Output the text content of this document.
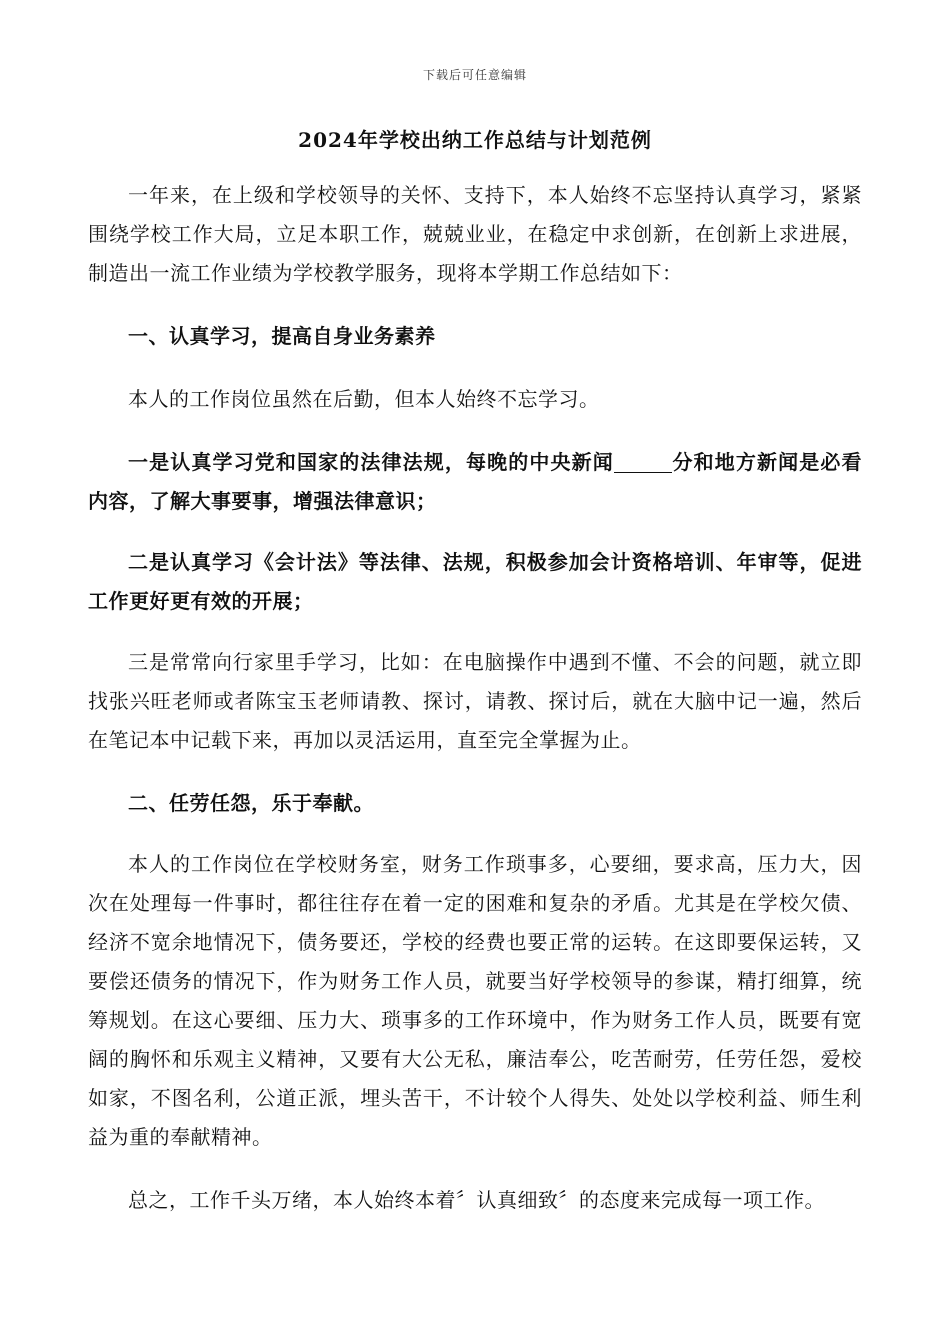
下载后可任意编辑
2024年学校出纳工作总结与计划范例

一年来，在上级和学校领导的关怀、支持下，本人始终不忘坚持认真学习，紧紧围绕学校工作大局，立足本职工作，兢兢业业，在稳定中求创新，在创新上求进展，制造出一流工作业绩为学校教学服务，现将本学期工作总结如下：

一、认真学习，提高自身业务素养

本人的工作岗位虽然在后勤，但本人始终不忘学习。

一是认真学习党和国家的法律法规，每晚的中央新闻	分和地方新闻是必看内容，了解大事要事，增强法律意识；

二是认真学习《会计法》等法律、法规，积极参加会计资格培训、年审等，促进工作更好更有效的开展；

三是常常向行家里手学习，比如：在电脑操作中遇到不懂、不会的问题，就立即找张兴旺老师或者陈宝玉老师请教、探讨，请教、探讨后，就在大脑中记一遍，然后在笔记本中记载下来，再加以灵活运用，直至完全掌握为止。

二、任劳任怨，乐于奉献。

本人的工作岗位在学校财务室，财务工作琐事多，心要细，要求高，压力大，因次在处理每一件事时，都往往存在着一定的困难和复杂的矛盾。尤其是在学校欠债、经济不宽余地情况下，债务要还，学校的经费也要正常的运转。在这即要保运转，又要偿还债务的情况下，作为财务工作人员，就要当好学校领导的参谋，精打细算，统筹规划。在这心要细、压力大、琐事多的工作环境中，作为财务工作人员，既要有宽阔的胸怀和乐观主义精神，又要有大公无私，廉洁奉公，吃苦耐劳，任劳任怨，爱校如家，不图名利，公道正派，埋头苦干，不计较个人得失、处处以学校利益、师生利益为重的奉献精神。

总之，工作千头万绪，本人始终本着〞认真细致〞的态度来完成每一项工作。
